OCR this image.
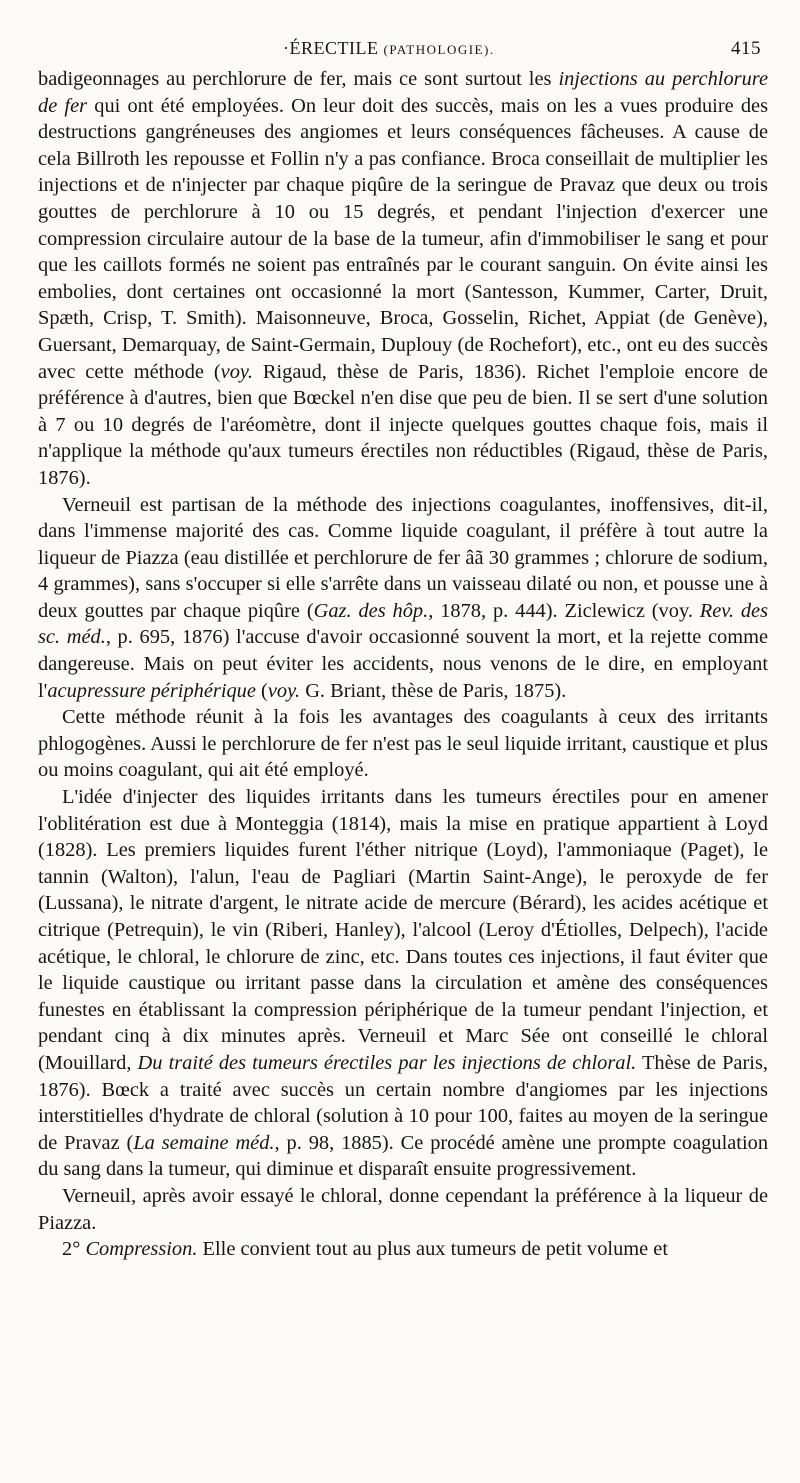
·ÉRECTILE (PATHOLOGIE).	415

badigeonnages au perchlorure de fer, mais ce sont surtout les injections au perchlorure de fer qui ont été employées. On leur doit des succès, mais on les a vues produire des destructions gangréneuses des angiomes et leurs conséquences fâcheuses. A cause de cela Billroth les repousse et Follin n'y a pas confiance. Broca conseillait de multiplier les injections et de n'injecter par chaque piqûre de la seringue de Pravaz que deux ou trois gouttes de perchlorure à 10 ou 15 degrés, et pendant l'injection d'exercer une compression circulaire autour de la base de la tumeur, afin d'immobiliser le sang et pour que les caillots formés ne soient pas entraînés par le courant sanguin. On évite ainsi les embolies, dont certaines ont occasionné la mort (Santesson, Kummer, Carter, Druit, Spæth, Crisp, T. Smith). Maisonneuve, Broca, Gosselin, Richet, Appiat (de Genève), Guersant, Demarquay, de Saint-Germain, Duplouy (de Rochefort), etc., ont eu des succès avec cette méthode (voy. Rigaud, thèse de Paris, 1836). Richet l'emploie encore de préférence à d'autres, bien que Bœckel n'en dise que peu de bien. Il se sert d'une solution à 7 ou 10 degrés de l'aréomètre, dont il injecte quelques gouttes chaque fois, mais il n'applique la méthode qu'aux tumeurs érectiles non réductibles (Rigaud, thèse de Paris, 1876).

Verneuil est partisan de la méthode des injections coagulantes, inoffensives, dit-il, dans l'immense majorité des cas. Comme liquide coagulant, il préfère à tout autre la liqueur de Piazza (eau distillée et perchlorure de fer âã 30 grammes ; chlorure de sodium, 4 grammes), sans s'occuper si elle s'arrête dans un vaisseau dilaté ou non, et pousse une à deux gouttes par chaque piqûre (Gaz. des hôp., 1878, p. 444). Ziclewicz (voy. Rev. des sc. méd., p. 695, 1876) l'accuse d'avoir occasionné souvent la mort, et la rejette comme dangereuse. Mais on peut éviter les accidents, nous venons de le dire, en employant l'acupressure périphérique (voy. G. Briant, thèse de Paris, 1875).

Cette méthode réunit à la fois les avantages des coagulants à ceux des irritants phlogogènes. Aussi le perchlorure de fer n'est pas le seul liquide irritant, caustique et plus ou moins coagulant, qui ait été employé.

L'idée d'injecter des liquides irritants dans les tumeurs érectiles pour en amener l'oblitération est due à Monteggia (1814), mais la mise en pratique appartient à Loyd (1828). Les premiers liquides furent l'éther nitrique (Loyd), l'ammoniaque (Paget), le tannin (Walton), l'alun, l'eau de Pagliari (Martin Saint-Ange), le peroxyde de fer (Lussana), le nitrate d'argent, le nitrate acide de mercure (Bérard), les acides acétique et citrique (Petrequin), le vin (Riberi, Hanley), l'alcool (Leroy d'Étiolles, Delpech), l'acide acétique, le chloral, le chlorure de zinc, etc. Dans toutes ces injections, il faut éviter que le liquide caustique ou irritant passe dans la circulation et amène des conséquences funestes en établissant la compression périphérique de la tumeur pendant l'injection, et pendant cinq à dix minutes après. Verneuil et Marc Sée ont conseillé le chloral (Mouillard, Du traité des tumeurs érectiles par les injections de chloral. Thèse de Paris, 1876). Bœck a traité avec succès un certain nombre d'angiomes par les injections interstitielles d'hydrate de chloral (solution à 10 pour 100, faites au moyen de la seringue de Pravaz (La semaine méd., p. 98, 1885). Ce procédé amène une prompte coagulation du sang dans la tumeur, qui diminue et disparaît ensuite progressivement.

Verneuil, après avoir essayé le chloral, donne cependant la préférence à la liqueur de Piazza.

2° Compression. Elle convient tout au plus aux tumeurs de petit volume et
